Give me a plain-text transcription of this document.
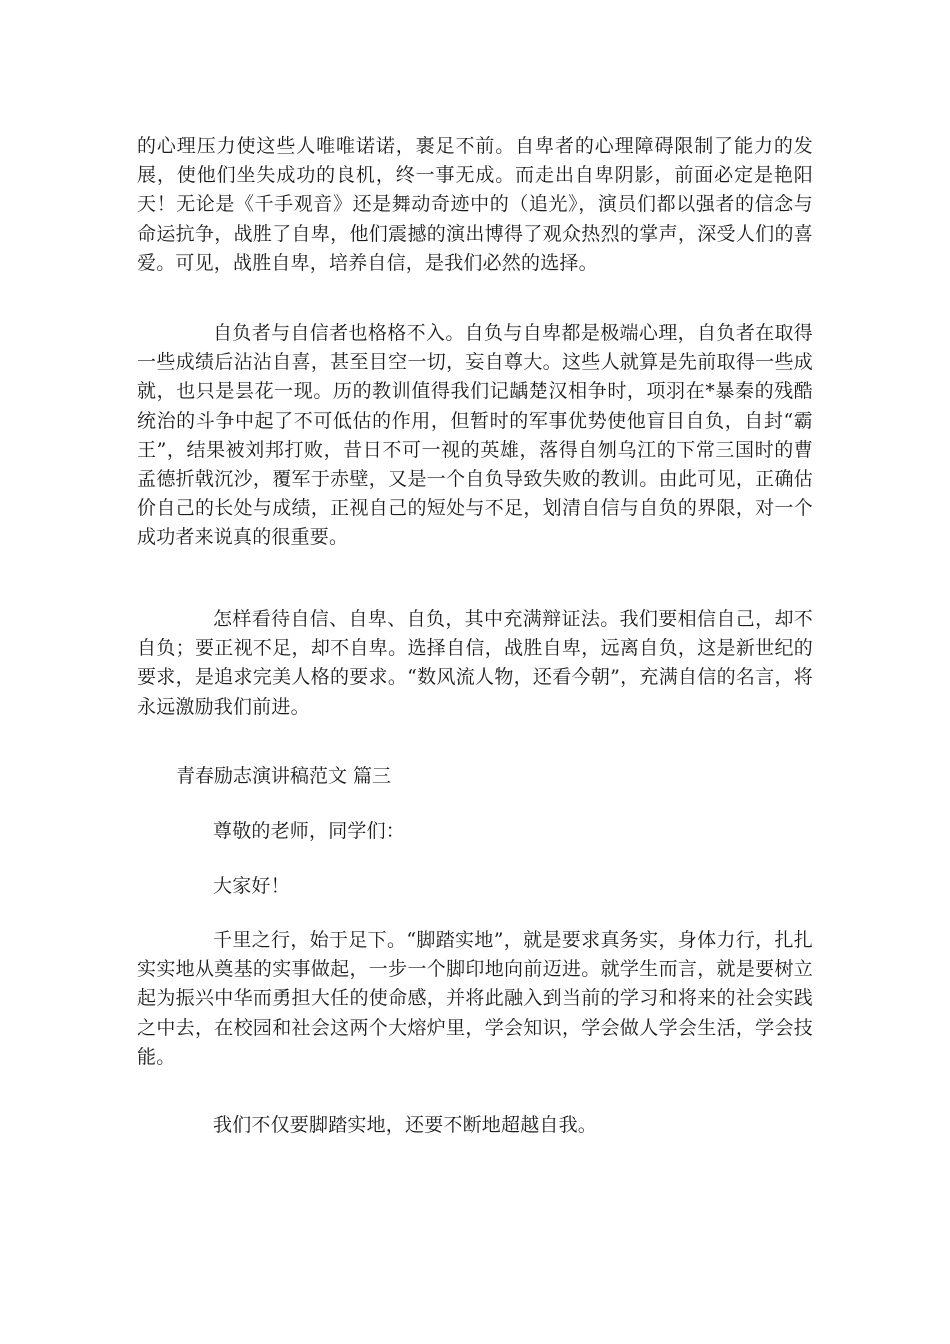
的心理压力使这些人唯唯诺诺，裹足不前。自卑者的心理障碍限制了能力的发展，使他们坐失成功的良机，终一事无成。而走出自卑阴影，前面必定是艳阳天！无论是《千手观音》还是舞动奇迹中的（追光》，演员们都以强者的信念与命运抗争，战胜了自卑，他们震撼的演出博得了观众热烈的掌声，深受人们的喜爱。可见，战胜自卑，培养自信，是我们必然的选择。

自负者与自信者也格格不入。自负与自卑都是极端心理，自负者在取得一些成绩后沾沾自喜，甚至目空一切，妄自尊大。这些人就算是先前取得一些成就，也只是昙花一现。历的教训值得我们记龋楚汉相争时，项羽在*暴秦的残酷统治的斗争中起了不可低估的作用，但暂时的军事优势使他盲目自负，自封“霸王”，结果被刘邦打败，昔日不可一视的英雄，落得自刎乌江的下常三国时的曹孟德折戟沉沙，覆军于赤壁，又是一个自负导致失败的教训。由此可见，正确估价自己的长处与成绩，正视自己的短处与不足，划清自信与自负的界限，对一个成功者来说真的很重要。

怎样看待自信、自卑、自负，其中充满辩证法。我们要相信自己，却不自负；要正视不足，却不自卑。选择自信，战胜自卑，远离自负，这是新世纪的要求，是追求完美人格的要求。“数风流人物，还看今朝”，充满自信的名言，将永远激励我们前进。

青春励志演讲稿范文 篇三

尊敬的老师，同学们：

大家好！

千里之行，始于足下。“脚踏实地”，就是要求真务实，身体力行，扎扎实实地从奠基的实事做起，一步一个脚印地向前迈进。就学生而言，就是要树立起为振兴中华而勇担大任的使命感，并将此融入到当前的学习和将来的社会实践之中去，在校园和社会这两个大熔炉里，学会知识，学会做人学会生活，学会技能。

我们不仅要脚踏实地，还要不断地超越自我。
